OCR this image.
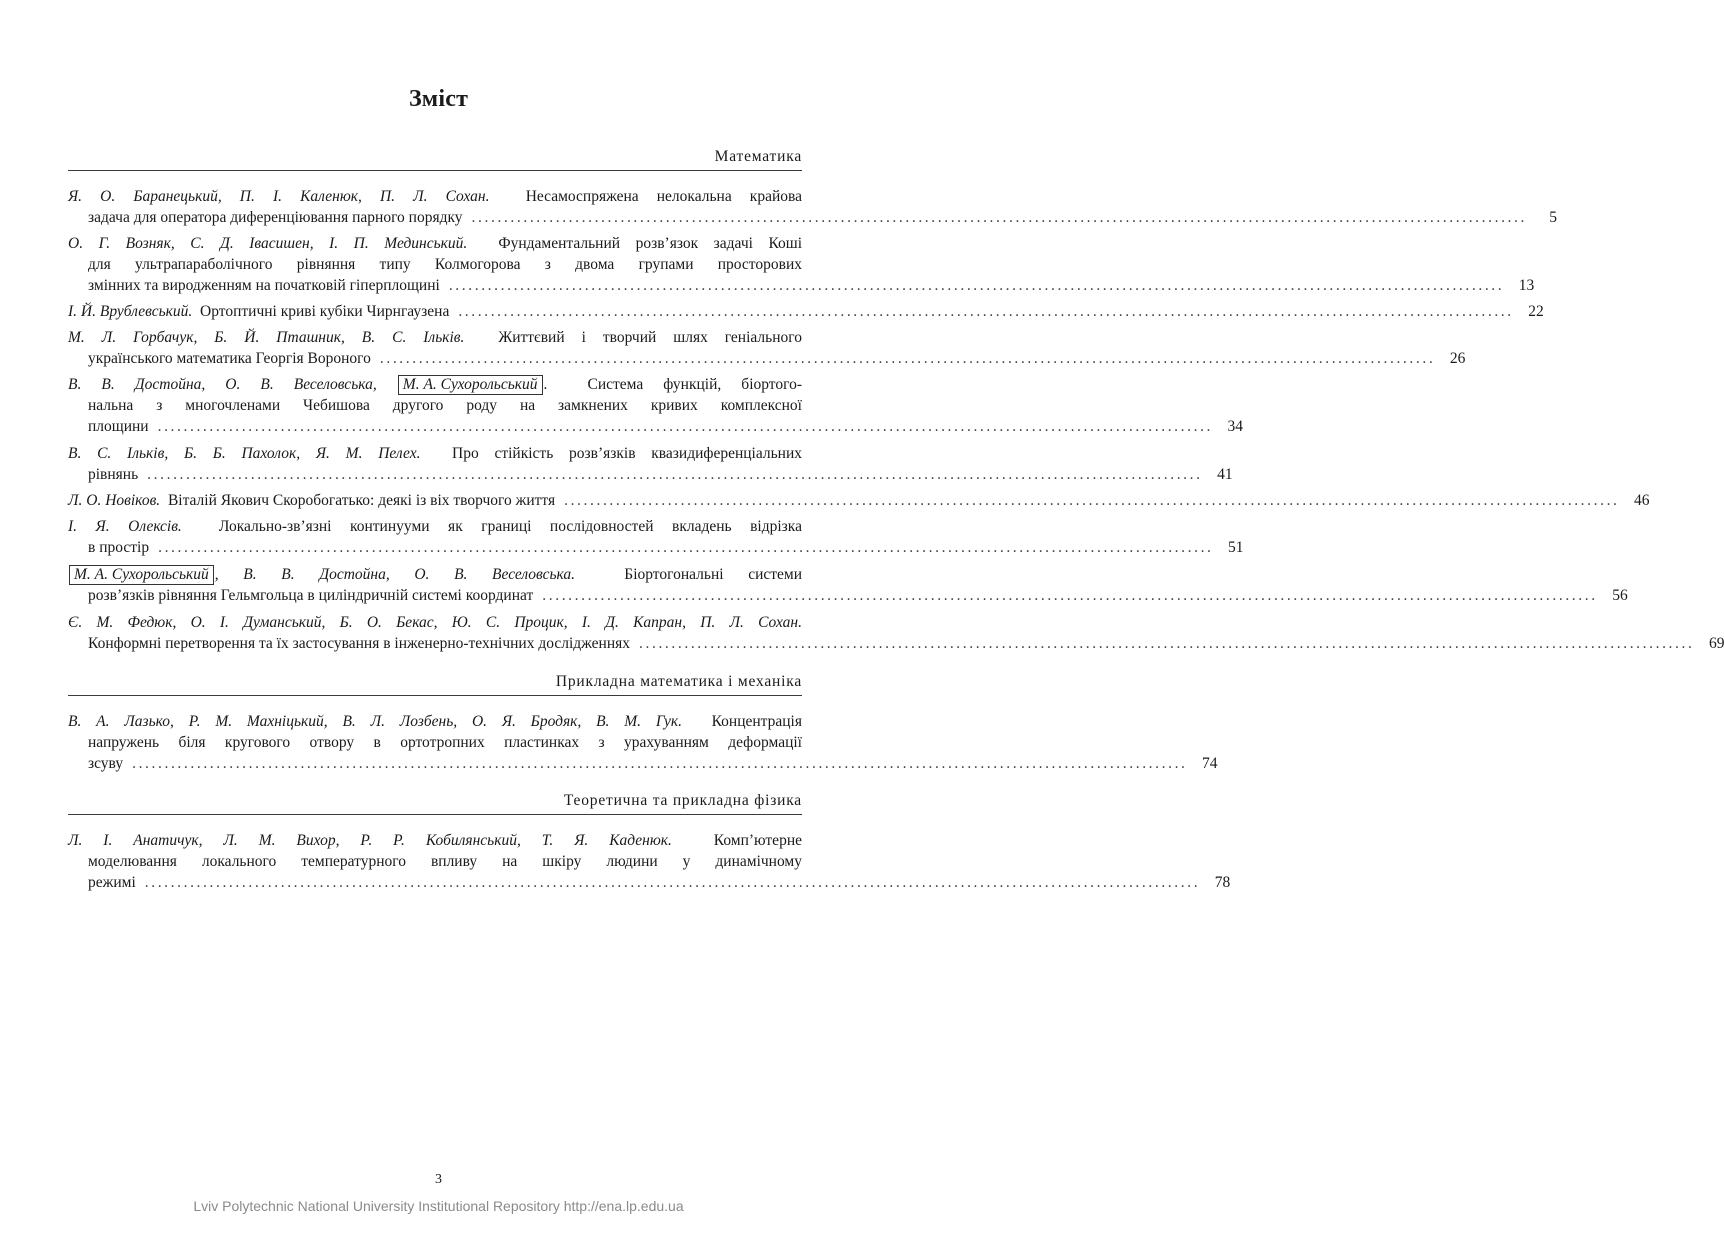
Зміст
Математика
Я. О. Баранецький, П. І. Каленюк, П. Л. Сохан. Несамоспряжена нелокальна крайова
задача для оператора диференціювання парного порядку ...................................................................................................................................................................	5
О. Г. Возняк, С. Д. Івасишен, І. П. Мединський. Фундаментальний розв’язок задачі Коші
для ультрапараболічного рівняння типу Колмогорова з двома групами просторових
змінних та виродженням на початковій гіперплощині ................................................................................................................................................................... 13
І. Й. Врублевський.
Ортоптичні криві кубіки Чирнгаузена ................................................................................................................................................................... 22
М. Л. Горбачук, Б. Й. Пташник, В. С. Ільків. Життєвий і творчий шлях геніального
українського математика Георгія Вороного ................................................................................................................................................................... 26
В. В. Достойна, О. В. Веселовська, М. А. Сухорольський .	Система функцій, біортого-
нальна з многочленами Чебишова другого роду на замкнених кривих комплексної
площини ................................................................................................................................................................... 34
В. С. Ільків, Б. Б. Пахолок, Я. М. Пелех. Про стійкість розв’язків квазидиференціальних
рівнянь ................................................................................................................................................................... 41
Л. О. Новіков.
Віталій Якович Скоробогатько: деякі із віх творчого життя ................................................................................................................................................................... 46
І. Я. Олексів. Локально-зв’язні континууми як границі послідовностей вкладень відрізка
в простір ................................................................................................................................................................... 51
М. А. Сухорольський , В. В. Достойна, О. В. Веселовська.	Біортогональні системи
розв’язків рівняння Гельмгольца в циліндричній системі координат ................................................................................................................................................................... 56
Є. М. Федюк, О. І. Думанський, Б. О. Бекас, Ю. С. Процик, І. Д. Капран, П. Л. Сохан.
Конформні перетворення та їх застосування в інженерно-технічних дослідженнях ................................................................................................................................................................... 69
Прикладна математика і механіка
В. А. Лазько, Р. М. Махніцький, В. Л. Лозбень, О. Я. Бродяк, В. М. Гук. Концентрація
напружень біля кругового отвору в ортотропних пластинках з урахуванням деформації
зсуву ................................................................................................................................................................... 74
Теоретична та прикладна фізика
Л. І. Анатичук, Л. М. Вихор, Р. Р. Кобилянський, Т. Я. Каденюк.	Комп’ютерне
моделювання локального температурного впливу на шкіру людини у динамічному
режимі ................................................................................................................................................................... 78
3
Lviv Polytechnic National University Institutional Repository http://ena.lp.edu.ua
